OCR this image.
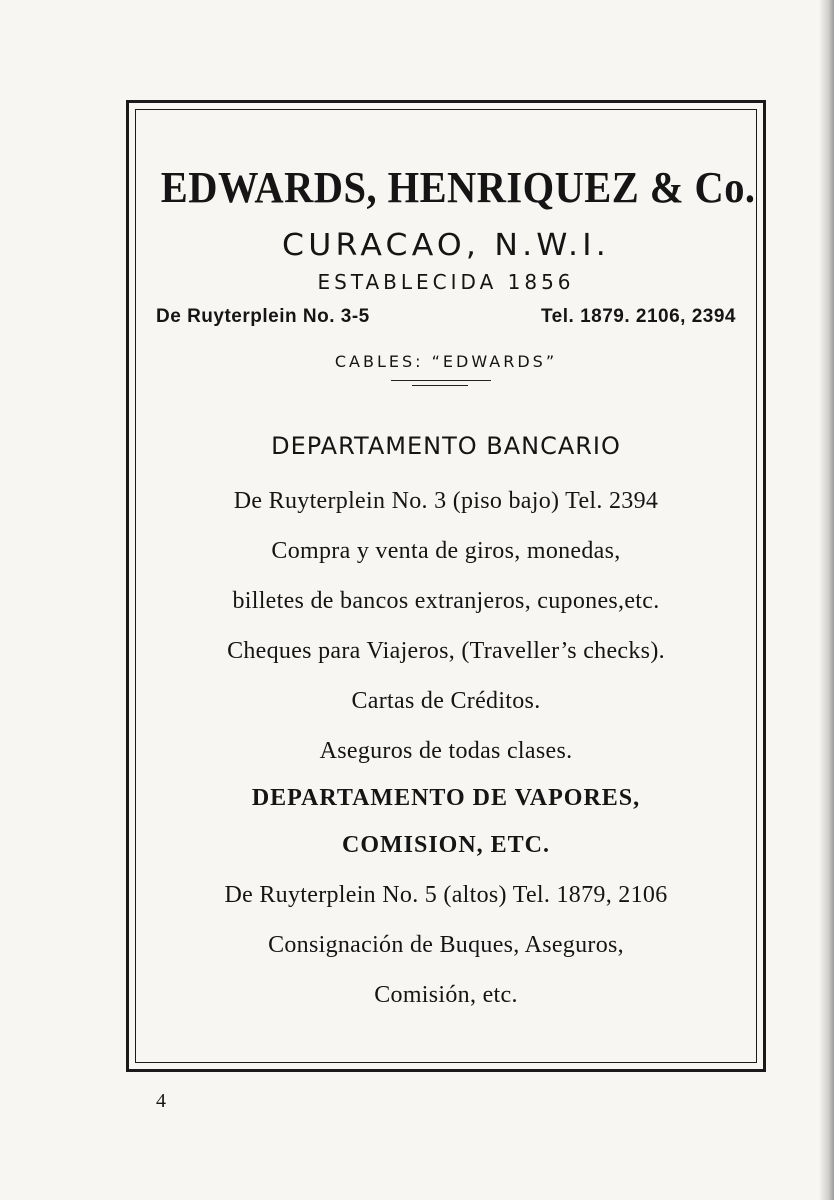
EDWARDS, HENRIQUEZ & Co.
CURACAO, N.W.I.
ESTABLECIDA 1856
De Ruyterplein No. 3-5	Tel. 1879. 2106, 2394
CABLES: “EDWARDS”
DEPARTAMENTO BANCARIO
De Ruyterplein No. 3 (piso bajo) Tel. 2394
Compra y venta de giros, monedas,
billetes de bancos extranjeros, cupones,etc.
Cheques para Viajeros, (Traveller’s checks).
Cartas de Créditos.
Aseguros de todas clases.
DEPARTAMENTO DE VAPORES,
COMISION, ETC.
De Ruyterplein No. 5 (altos) Tel. 1879, 2106
Consignación de Buques, Aseguros,
Comisión, etc.
4
